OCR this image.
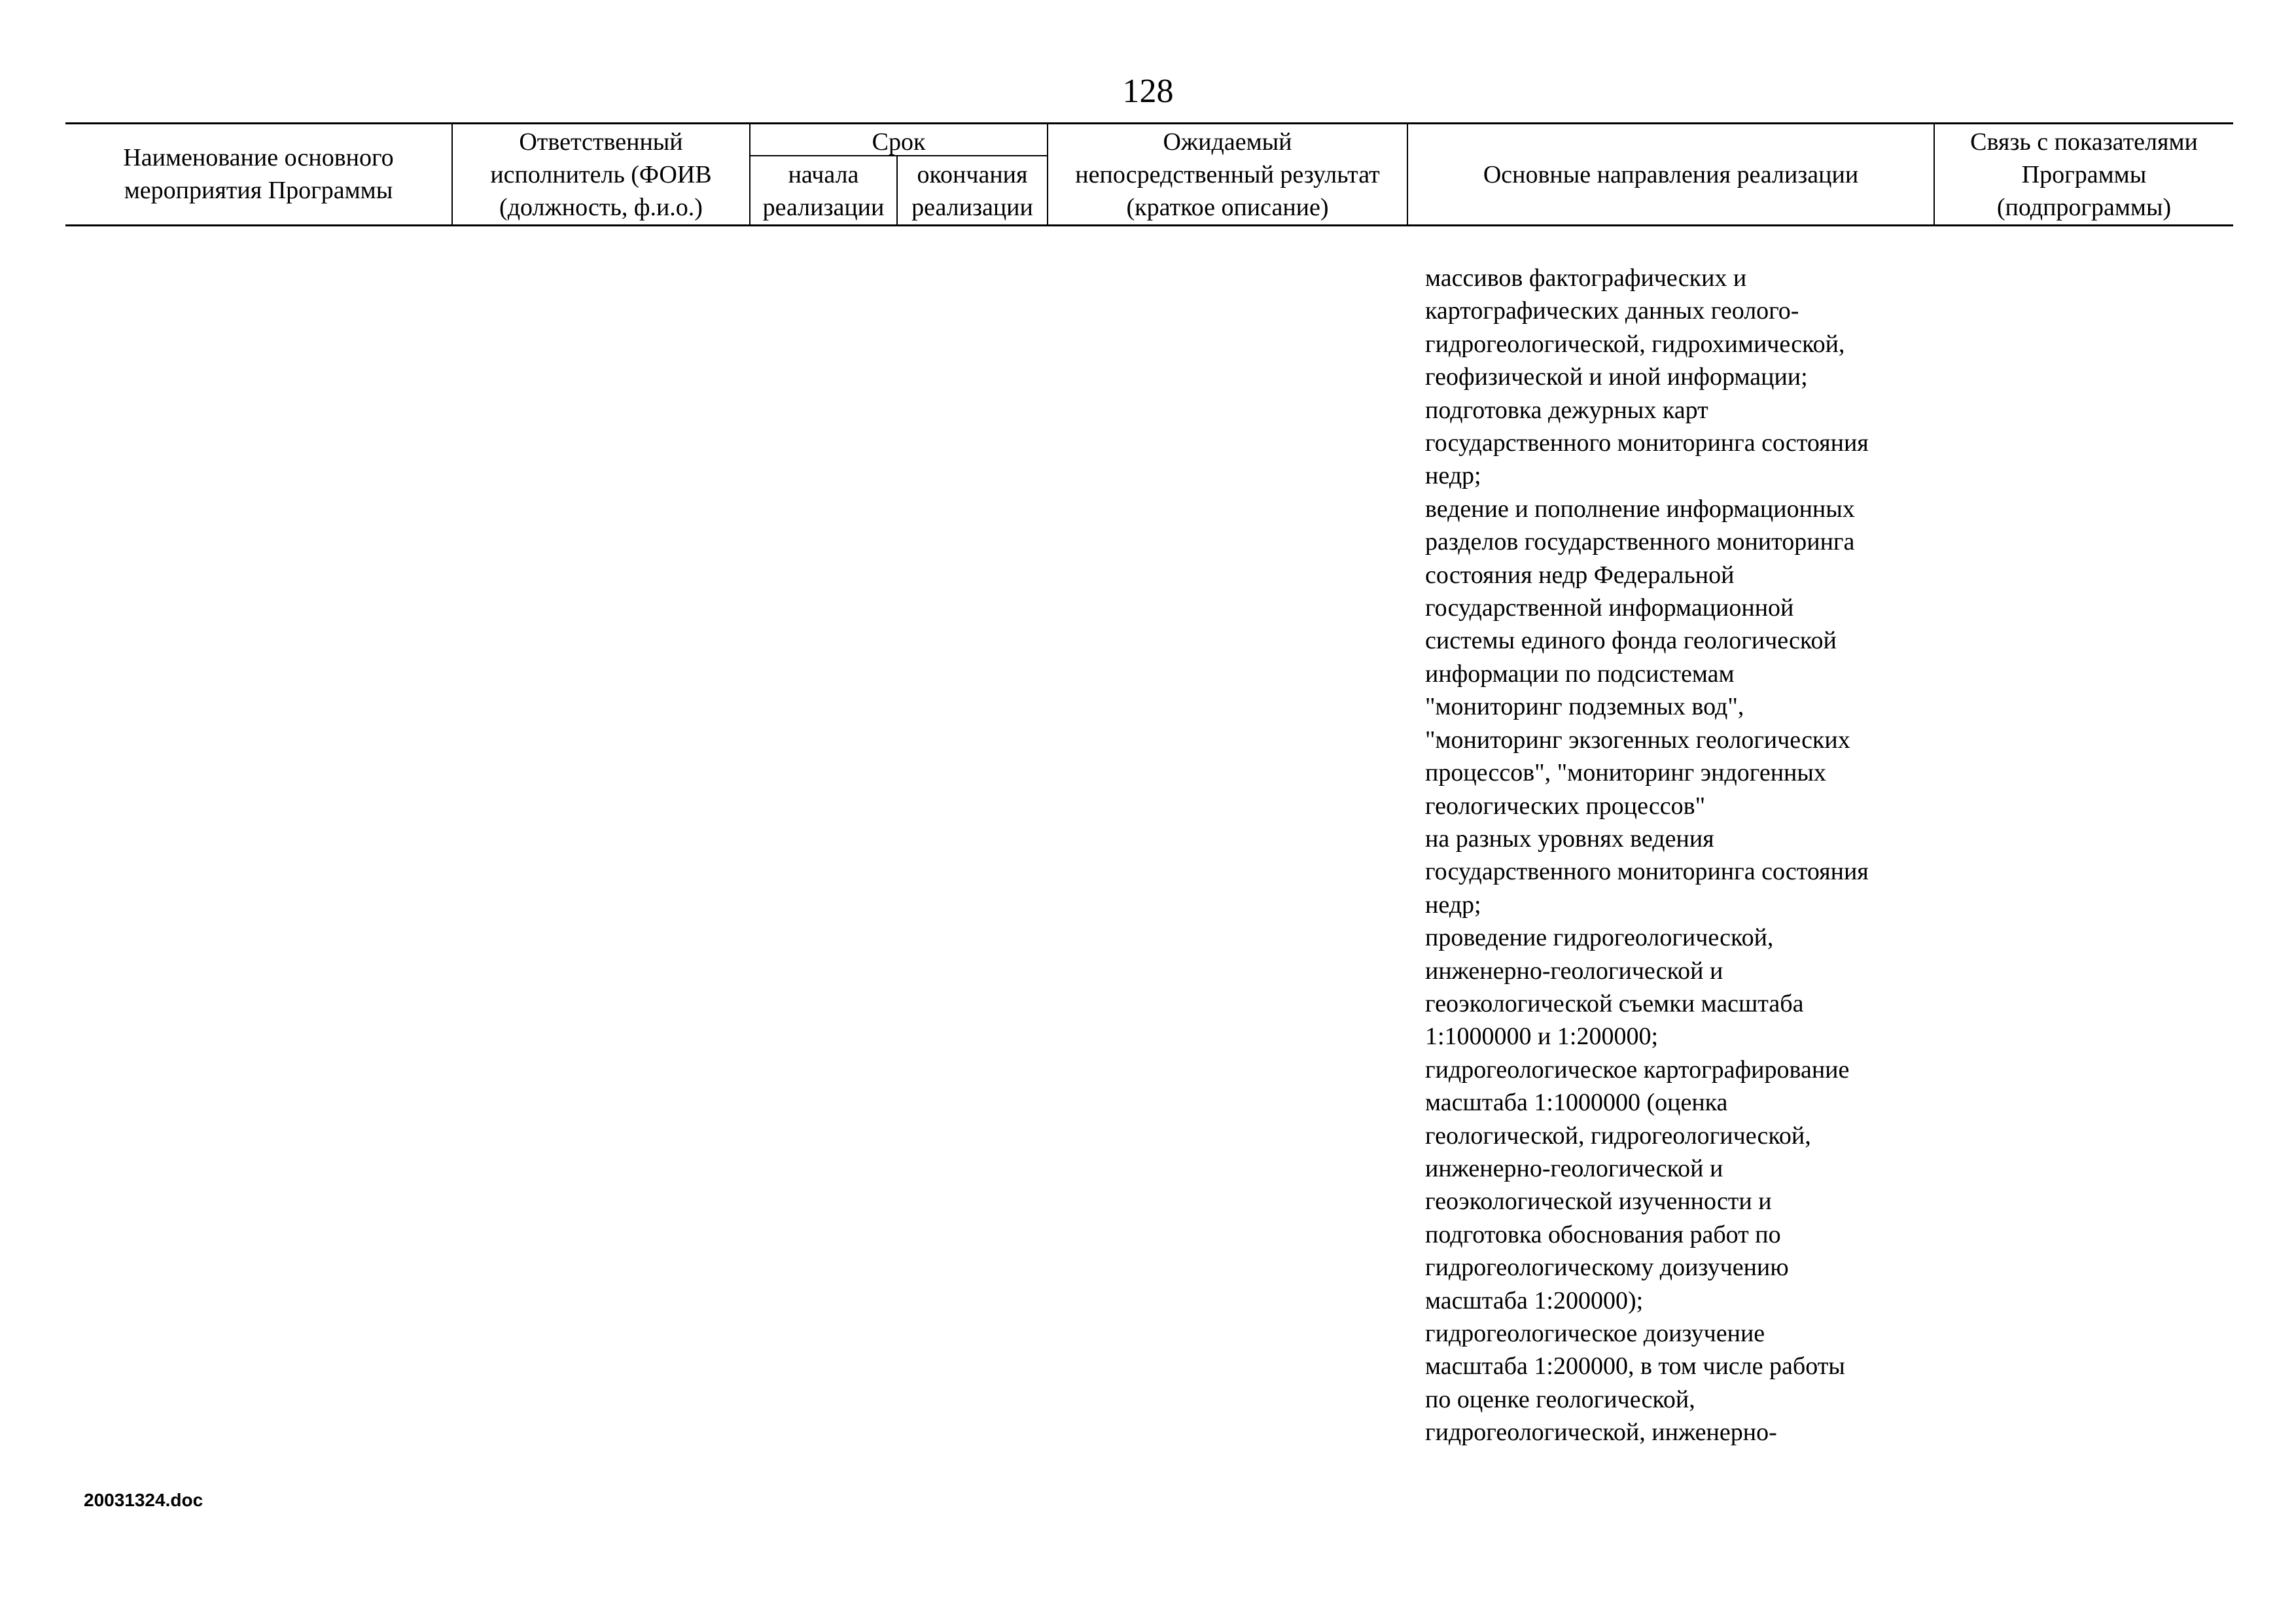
128
Наименование основного
мероприятия Программы
Ответственный
исполнитель (ФОИВ
(должность, ф.и.о.)
Срок
начала
реализации
окончания
реализации
Ожидаемый
непосредственный результат
(краткое описание)
Основные направления реализации
Связь с показателями
Программы
(подпрограммы)
массивов фактографических и
картографических данных геолого-
гидрогеологической, гидрохимической,
геофизической и иной информации;
подготовка дежурных карт
государственного мониторинга состояния
недр;
ведение и пополнение информационных
разделов государственного мониторинга
состояния недр Федеральной
государственной информационной
системы единого фонда геологической
информации по подсистемам
"мониторинг подземных вод",
"мониторинг экзогенных геологических
процессов", "мониторинг эндогенных
геологических процессов"
на разных уровнях ведения
государственного мониторинга состояния
недр;
проведение гидрогеологической,
инженерно-геологической и
геоэкологической съемки масштаба
1:1000000 и 1:200000;
гидрогеологическое картографирование
масштаба 1:1000000 (оценка
геологической, гидрогеологической,
инженерно-геологической и
геоэкологической изученности и
подготовка обоснования работ по
гидрогеологическому доизучению
масштаба 1:200000);
гидрогеологическое доизучение
масштаба 1:200000, в том числе работы
по оценке геологической,
гидрогеологической, инженерно-
20031324.doc
